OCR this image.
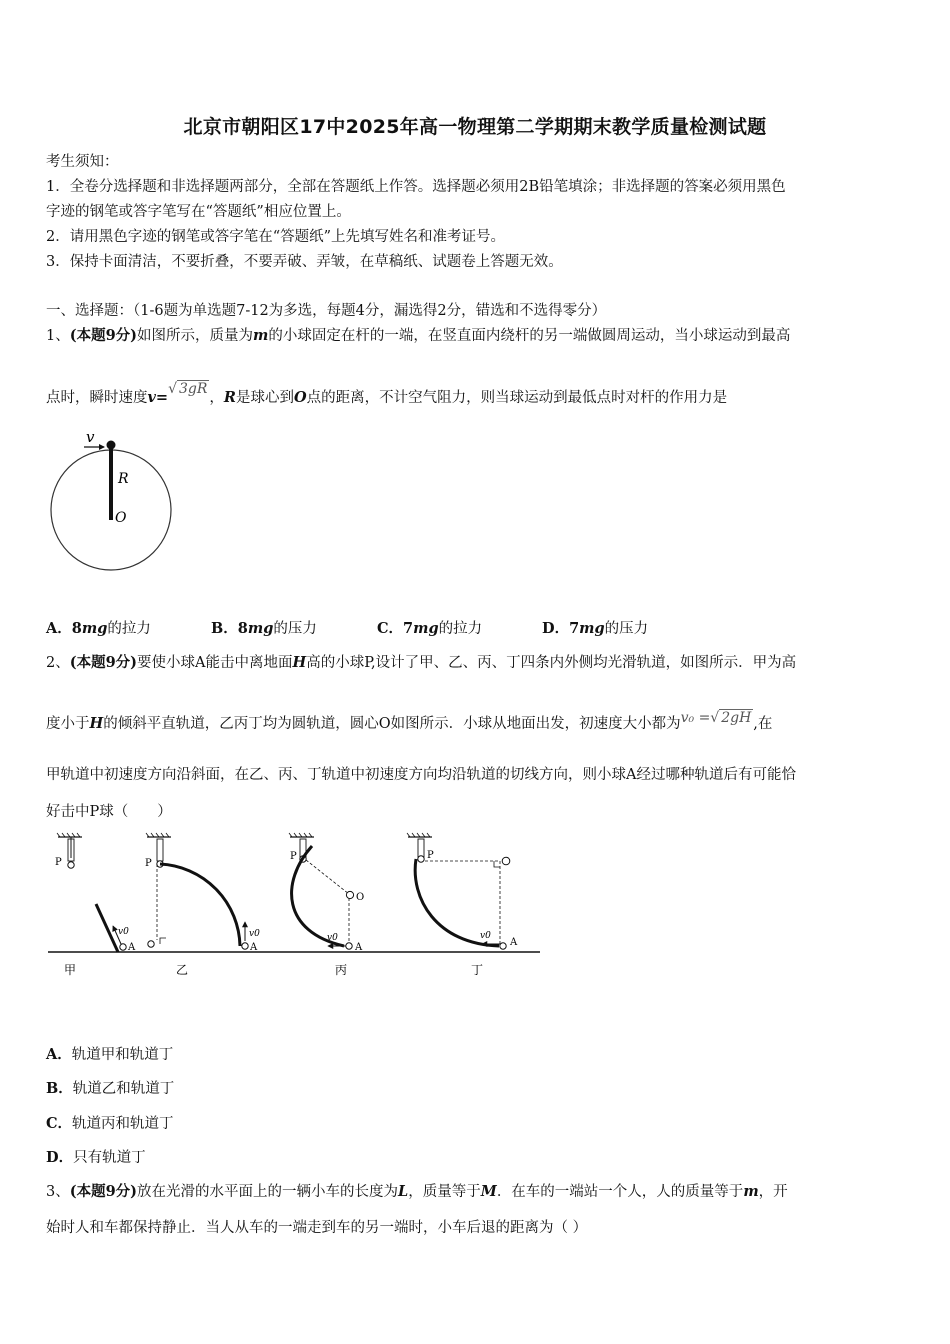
北京市朝阳区17中2025年高一物理第二学期期末教学质量检测试题
考生须知：
1．全卷分选择题和非选择题两部分，全部在答题纸上作答。选择题必须用2B铅笔填涂；非选择题的答案必须用黑色
字迹的钢笔或答字笔写在“答题纸”相应位置上。
2．请用黑色字迹的钢笔或答字笔在“答题纸”上先填写姓名和准考证号。
3．保持卡面清洁，不要折叠，不要弄破、弄皱，在草稿纸、试题卷上答题无效。
一、选择题：（1-6题为单选题7-12为多选，每题4分，漏选得2分，错选和不选得零分）
1、(本题9分)如图所示，质量为m的小球固定在杆的一端，在竖直面内绕杆的另一端做圆周运动，当小球运动到最高
点时，瞬时速度v=√ 3gR，R是球心到O点的距离，不计空气阻力，则当球运动到最低点时对杆的作用力是
v
R
O
A．8mg的拉力	B．8mg的压力	C．7mg的拉力	D．7mg的压力
2、(本题9分)要使小球A能击中离地面H高的小球P,设计了甲、乙、丙、丁四条内外侧均光滑轨道，如图所示．甲为高
度小于H的倾斜平直轨道，乙丙丁均为圆轨道，圆心O如图所示．小球从地面出发，初速度大小都为v₀ =√ 2gH ,在
甲轨道中初速度方向沿斜面，在乙、丙、丁轨道中初速度方向均沿轨道的切线方向，则小球A经过哪种轨道后有可能恰
好击中P球（　　）
P
v0
A
甲
P
v0
A
乙
P
O
v0
A
丙
P
v0
A
丁
A．轨道甲和轨道丁
B．轨道乙和轨道丁
C．轨道丙和轨道丁
D．只有轨道丁
3、(本题9分)放在光滑的水平面上的一辆小车的长度为L，质量等于M．在车的一端站一个人，人的质量等于m，开
始时人和车都保持静止．当人从车的一端走到车的另一端时，小车后退的距离为（ ）
